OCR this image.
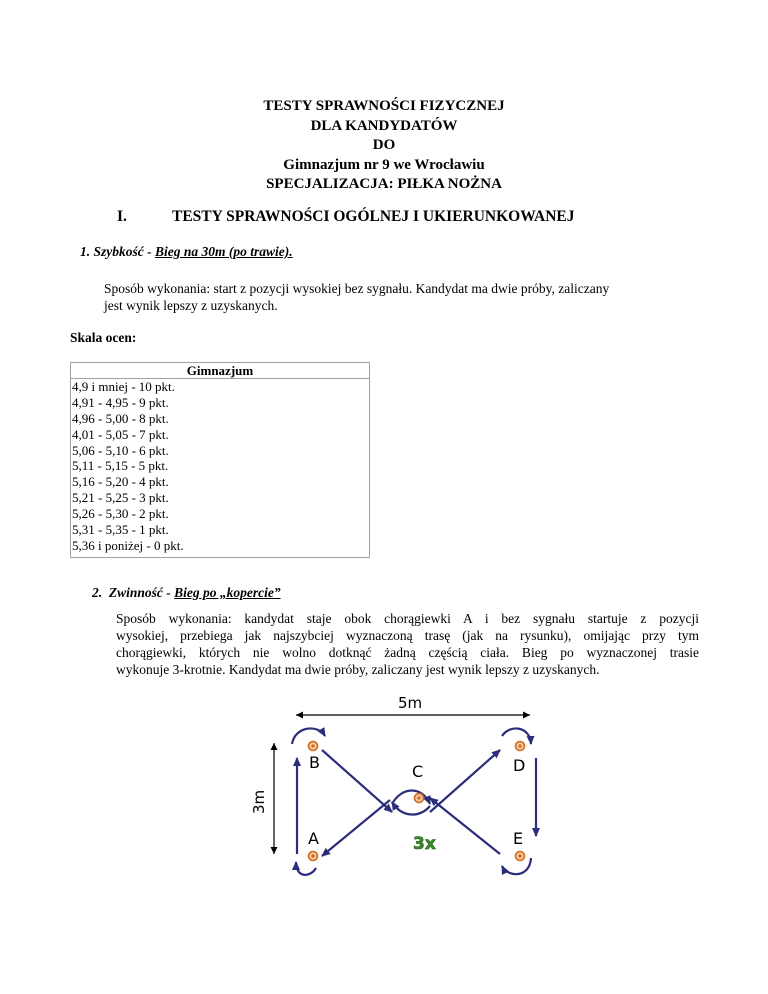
TESTY SPRAWNOŚCI FIZYCZNEJ
DLA KANDYDATÓW
DO
Gimnazjum nr 9 we Wrocławiu
SPECJALIZACJA: PIŁKA NOŻNA
I.	TESTY SPRAWNOŚCI OGÓLNEJ I UKIERUNKOWANEJ
1. Szybkość - Bieg na 30m (po trawie).
Sposób wykonania: start z pozycji wysokiej bez sygnału. Kandydat ma dwie próby, zaliczany
jest wynik lepszy z uzyskanych.
Skala ocen:
Gimnazjum
4,9 i mniej - 10 pkt.
4,91 - 4,95 - 9 pkt.
4,96 - 5,00 - 8 pkt.
4,01 - 5,05 - 7 pkt.
5,06 - 5,10 - 6 pkt.
5,11 - 5,15 - 5 pkt.
5,16 - 5,20 - 4 pkt.
5,21 - 5,25 - 3 pkt.
5,26 - 5,30 - 2 pkt.
5,31 - 5,35 - 1 pkt.
5,36 i poniżej - 0 pkt.
2. Zwinność - Bieg po „kopercie”
Sposób wykonania: kandydat staje obok chorągiewki A i bez sygnału startuje z pozycji
wysokiej, przebiega jak najszybciej wyznaczoną trasę (jak na rysunku), omijając przy tym
chorągiewki, których nie wolno dotknąć żadną częścią ciała. Bieg po wyznaczonej trasie
wykonuje 3-krotnie. Kandydat ma dwie próby, zaliczany jest wynik lepszy z uzyskanych.
5m
3m
B	C	D
A	E
3x
